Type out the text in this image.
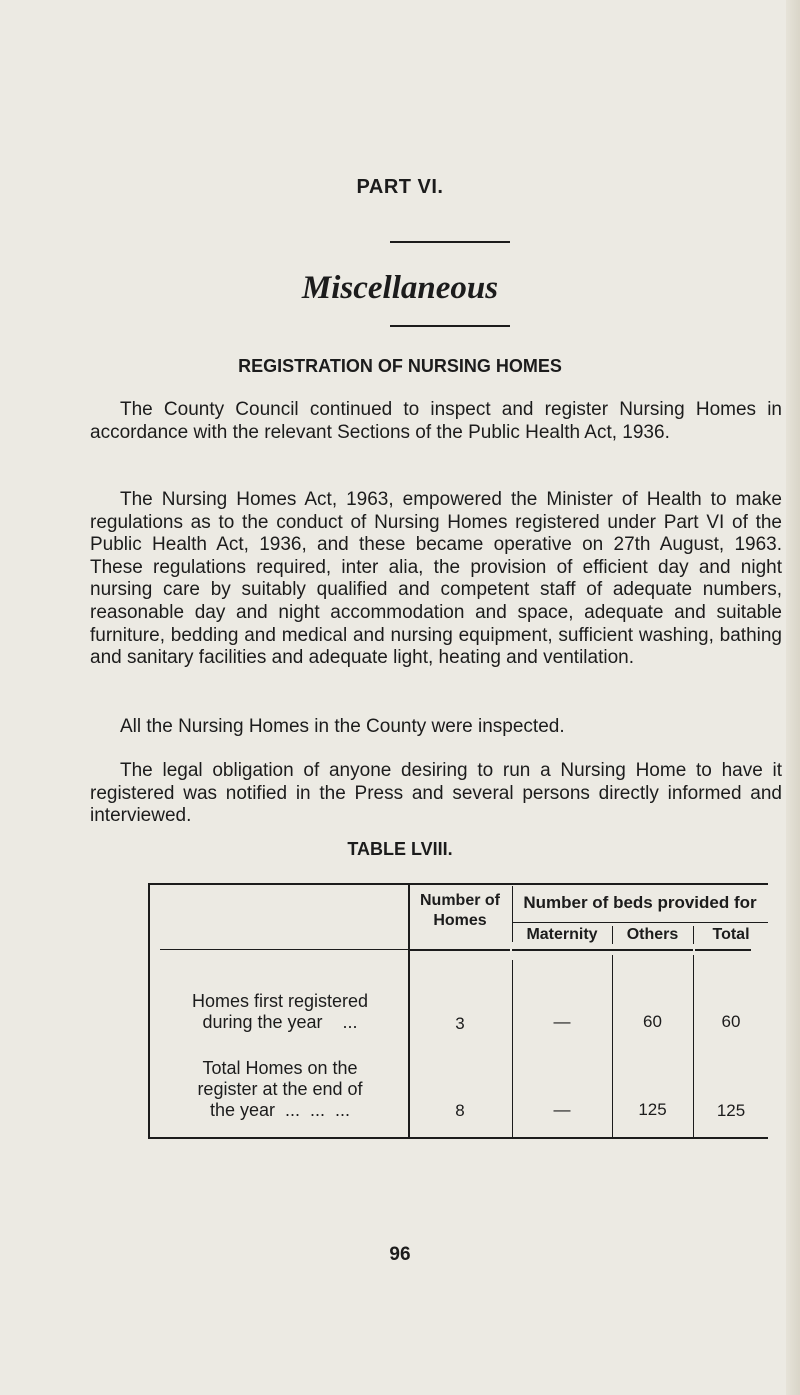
PART VI.
Miscellaneous
REGISTRATION OF NURSING HOMES

The County Council continued to inspect and register Nursing Homes in accordance with the relevant Sections of the Public Health Act, 1936.

The Nursing Homes Act, 1963, empowered the Minister of Health to make regulations as to the conduct of Nursing Homes registered under Part VI of the Public Health Act, 1936, and these became operative on 27th August, 1963. These regulations required, inter alia, the provision of efficient day and night nursing care by suitably qualified and competent staff of adequate numbers, reasonable day and night accommodation and space, adequate and suitable furniture, bedding and medical and nursing equipment, sufficient washing, bathing and sanitary facilities and adequate light, heating and ventilation.

All the Nursing Homes in the County were inspected.

The legal obligation of anyone desiring to run a Nursing Home to have it registered was notified in the Press and several persons directly informed and interviewed.

TABLE LVIII.
Number of
Homes
Number of beds provided for
Maternity	Others	Total
Homes first registered
during the year    ...	3	—	60	60
Total Homes on the
register at the end of
the year  ...  ...  ...	8	—	125	125
96
